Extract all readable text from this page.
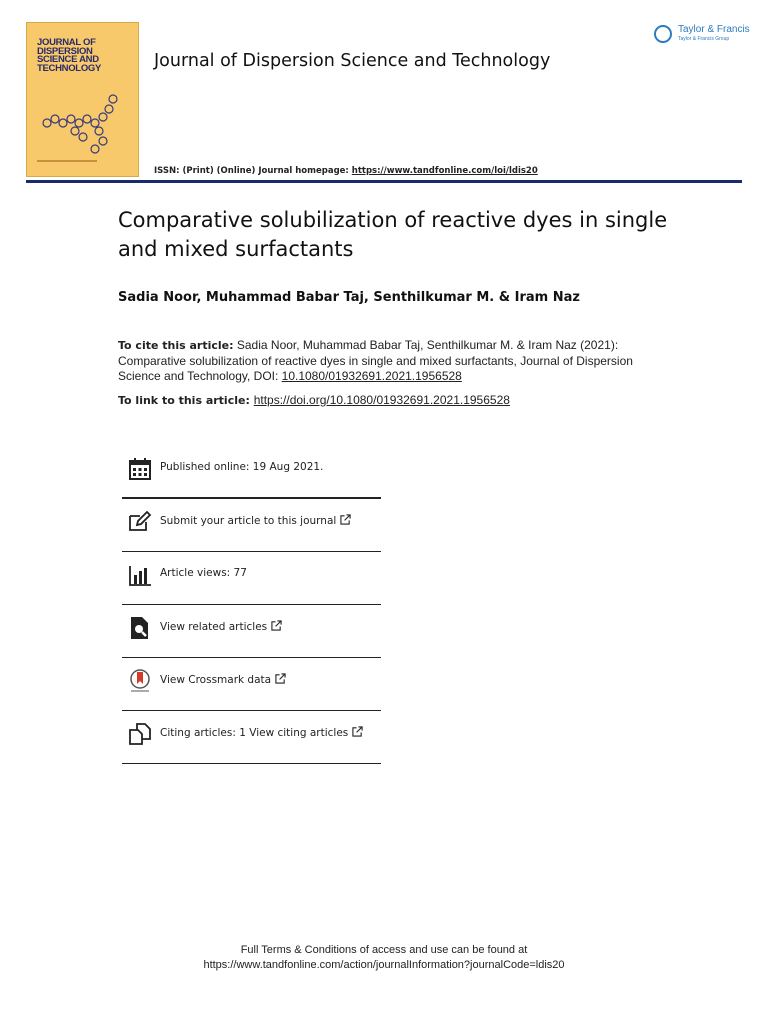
JOURNAL OF DISPERSION SCIENCE AND TECHNOLOGY	Journal of Dispersion Science and Technology
Taylor & Francis
Taylor & Francis Group
ISSN: (Print) (Online) Journal homepage: https://www.tandfonline.com/loi/ldis20
Comparative solubilization of reactive dyes in single and mixed surfactants
Sadia Noor, Muhammad Babar Taj, Senthilkumar M. & Iram Naz
To cite this article: Sadia Noor, Muhammad Babar Taj, Senthilkumar M. & Iram Naz (2021): Comparative solubilization of reactive dyes in single and mixed surfactants, Journal of Dispersion Science and Technology, DOI: 10.1080/01932691.2021.1956528
To link to this article: https://doi.org/10.1080/01932691.2021.1956528
Published online: 19 Aug 2021.
Submit your article to this journal
Article views: 77
View related articles
View Crossmark data
Citing articles: 1 View citing articles
Full Terms & Conditions of access and use can be found at
https://www.tandfonline.com/action/journalInformation?journalCode=ldis20
